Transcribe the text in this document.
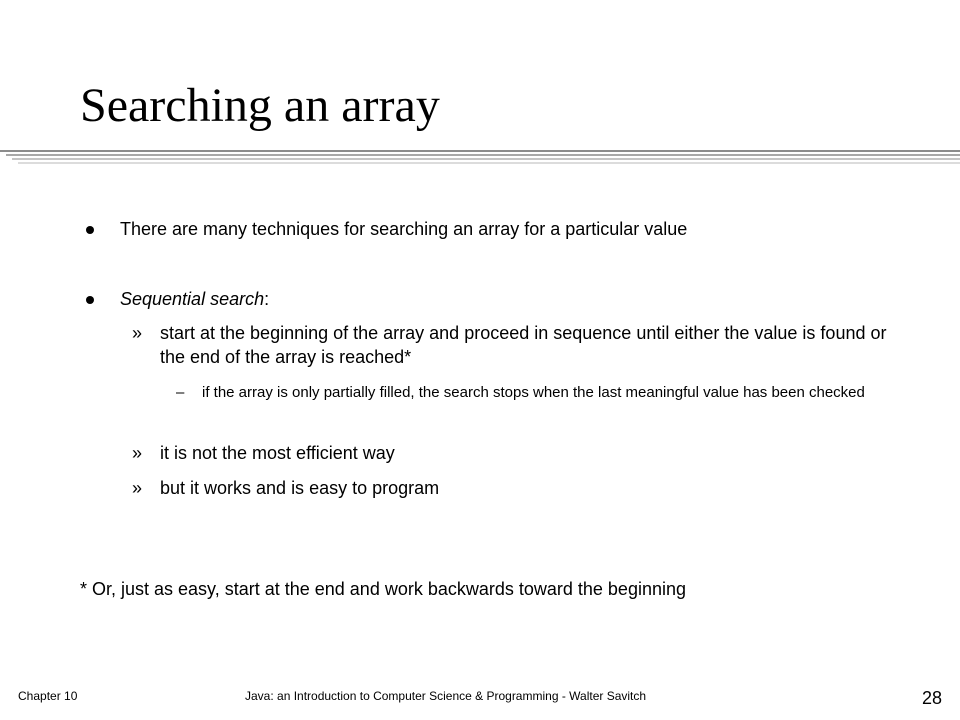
Searching an array
There are many techniques for searching an array for a particular value
Sequential search:
» start at the beginning of the array and proceed in sequence until either the value is found or the end of the array is reached*
– if the array is only partially filled, the search stops when the last meaningful value has been checked
» it is not the most efficient way
» but it works and is easy to program
* Or, just as easy, start at the end and work backwards toward the beginning
Chapter 10	Java: an Introduction to Computer Science & Programming - Walter Savitch	28
